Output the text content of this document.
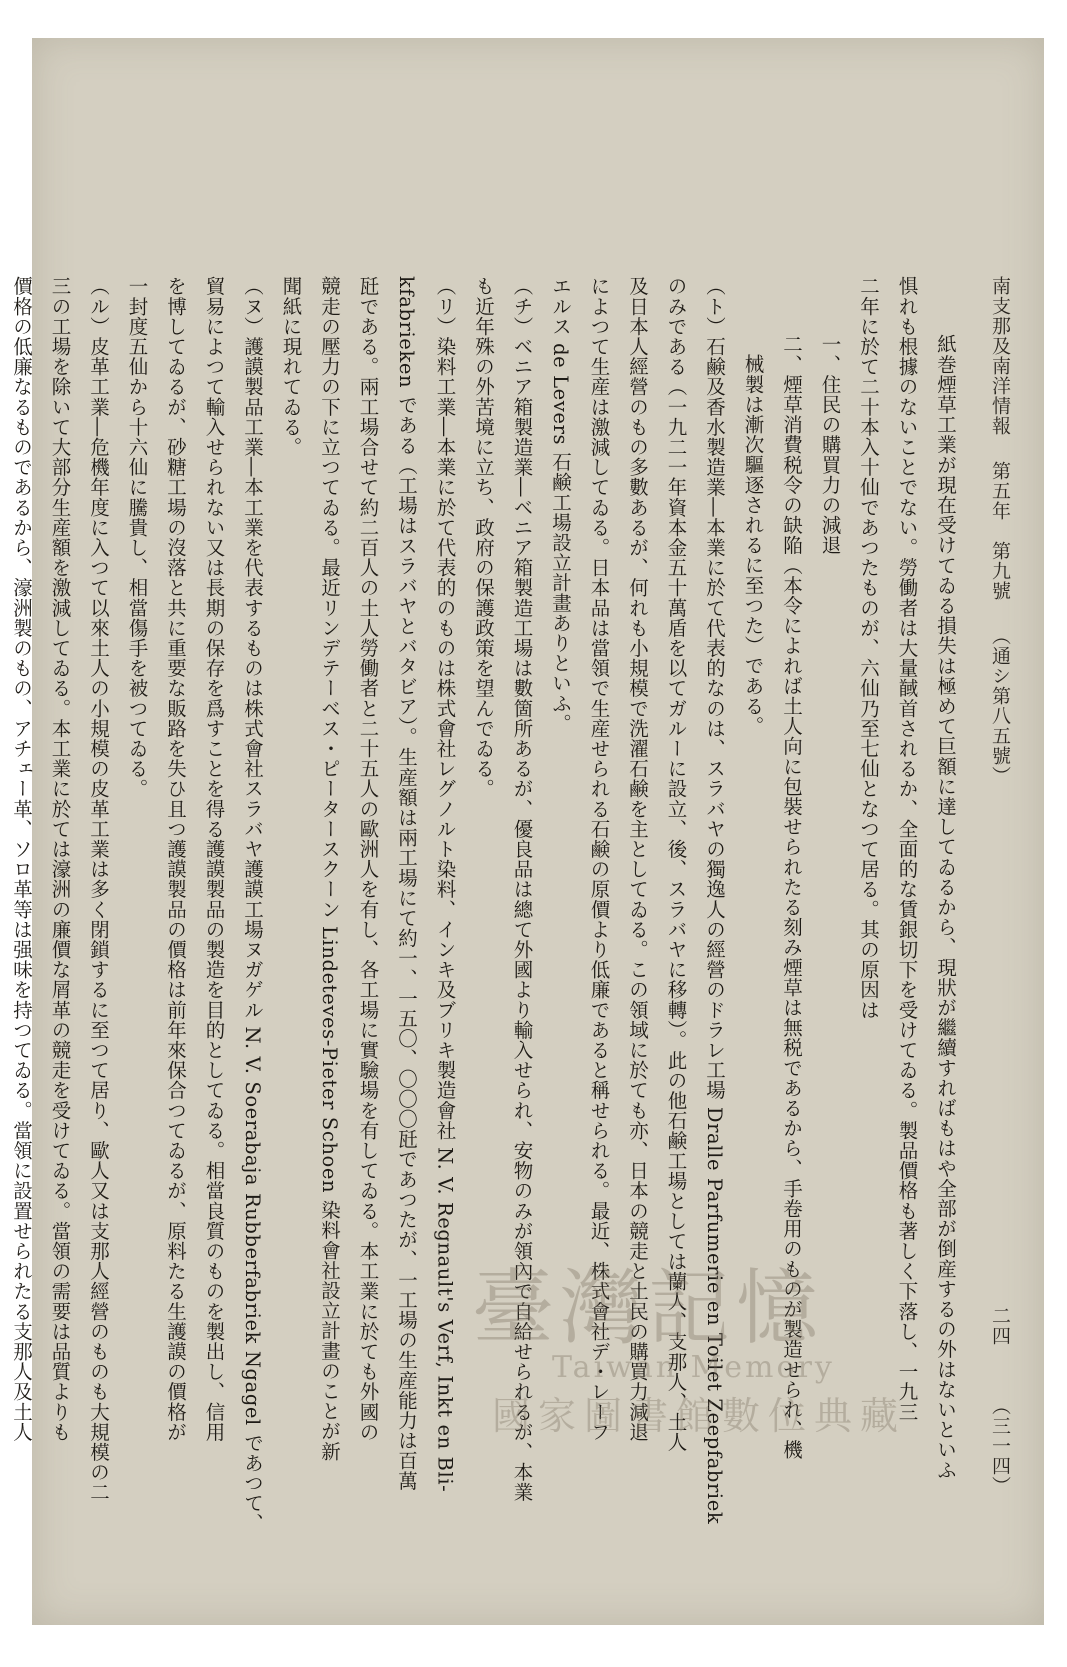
南支那及南洋情報 第五年　第九號 （通シ第八五號）
二四
（三一四）

紙巻煙草工業が現在受けてゐる損失は極めて巨額に達してゐるから、現狀が繼續すればもはや全部が倒産するの外はないといふ

惧れも根據のないことでない。勞働者は大量馘首されるか、全面的な賃銀切下を受けてゐる。製品價格も著しく下落し、一九三

二年に於て二十本入十仙であつたものが、六仙乃至七仙となつて居る。其の原因は

一、住民の購買力の減退

二、煙草消費税令の缺陥（本令によれば土人向に包裝せられたる刻み煙草は無税であるから、手卷用のものが製造せられ、機

械製は漸次驅逐されるに至つた）である。

（ト）石鹸及香水製造業―本業に於て代表的なのは、スラバヤの獨逸人の經營のドラレ工場 Dralle Parfumerie en Toilet Zeepfabriek

のみである（一九二一年資本金五十萬盾を以てガルーに設立、後、スラバヤに移轉）。此の他石鹸工場としては蘭人、支那人、土人

及日本人經營のもの多數あるが、何れも小規模で洗濯石鹸を主としてゐる。この領域に於ても亦、日本の競走と土民の購買力減退

によつて生産は激減してゐる。日本品は當領で生産せられる石鹸の原價より低廉であると稱せられる。最近、株式會社デ・レーフ

エルス de Levers 石鹸工場設立計畫ありといふ。

（チ）ベニア箱製造業―ベニア箱製造工場は數箇所あるが、優良品は總て外國より輸入せられ、安物のみが領內で自給せられるが、本業

も近年殊の外苦境に立ち、政府の保護政策を望んでゐる。

（リ）染料工業―本業に於て代表的のものは株式會社レグノルト染料、インキ及ブリキ製造會社 N. V. Regnault's Verf, Inkt en Bli-

kfabrieken である（工場はスラバヤとバタビア）。生産額は兩工場にて約一、一五〇、〇〇〇瓩であつたが、一工場の生産能力は百萬

瓩である。兩工場合せて約二百人の土人勞働者と二十五人の歐洲人を有し、各工場に實驗場を有してゐる。本工業に於ても外國の

競走の壓力の下に立つてゐる。最近リンデテーベス・ピータースクーン Lindeteves-Pieter Schoen 染料會社設立計畫のことが新

聞紙に現れてゐる。

（ヌ）護謨製品工業―本工業を代表するものは株式會社スラバヤ護謨工場ヌガゲル N. V. Soerabaja Rubberfabriek Ngagel であつて、

貿易によつて輸入せられない又は長期の保存を爲すことを得る護謨製品の製造を目的としてゐる。相當良質のものを製出し、信用

を博してゐるが、砂糖工場の沒落と共に重要な販路を失ひ且つ護謨製品の價格は前年來保合つてゐるが、原料たる生護謨の價格が

一封度五仙から十六仙に騰貴し、相當傷手を被つてゐる。

（ル）皮革工業―危機年度に入つて以來土人の小規模の皮革工業は多く閉鎖するに至つて居り、歐人又は支那人經營のものも大規模の二

三の工場を除いて大部分生産額を激減してゐる。本工業に於ては濠洲の廉價な屑革の競走を受けてゐる。當領の需要は品質よりも

價格の低廉なるものであるから、濠洲製のもの、アチェー革、ソロ革等は强味を持つてゐる。當領に設置せられたる支那人及土人	臺灣記憶
Taiwan Memory
國家圖書館數位典藏
